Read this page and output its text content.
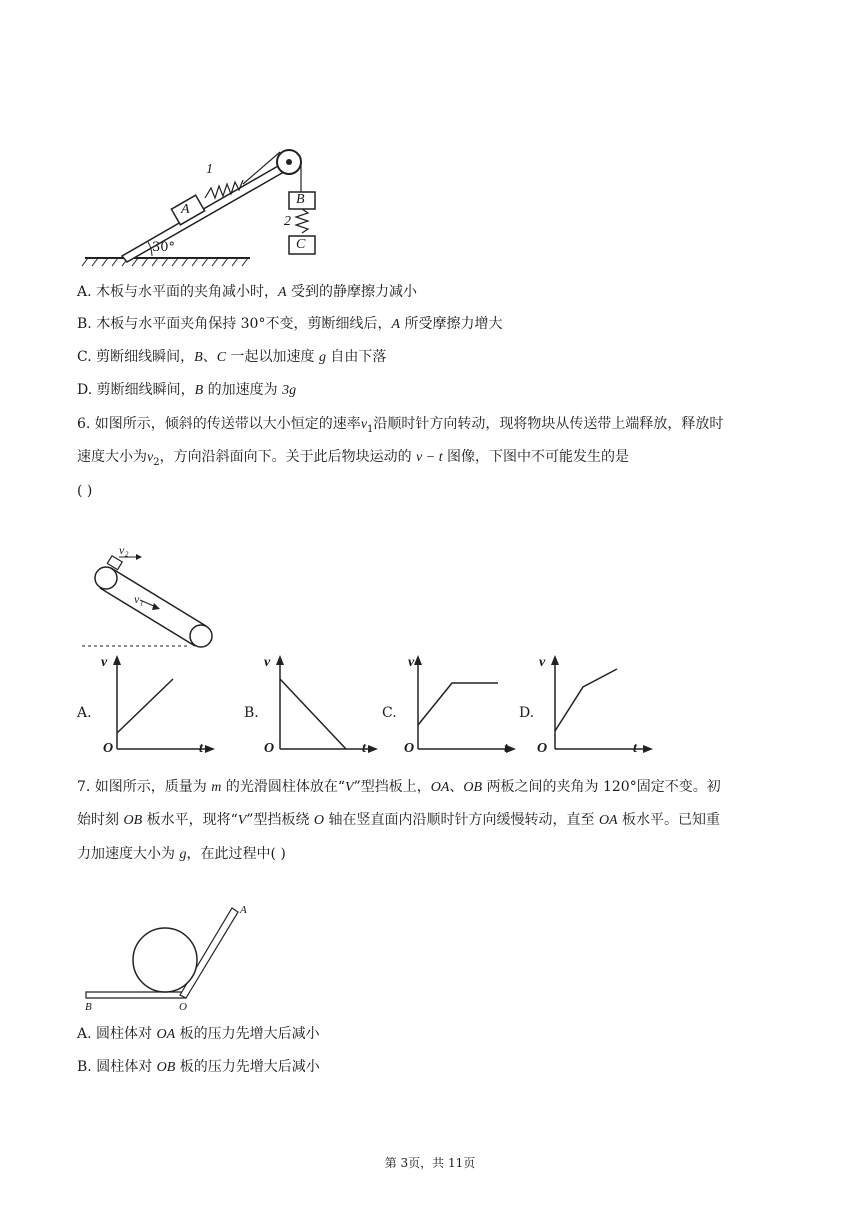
30°
1
2
A
B
C
A. 木板与水平面的夹角减小时，A 受到的静摩擦力减小
B. 木板与水平面夹角保持 30°不变，剪断细线后，A 所受摩擦力增大
C. 剪断细线瞬间，B、C 一起以加速度 g 自由下落
D. 剪断细线瞬间，B 的加速度为 3g
6. 如图所示，倾斜的传送带以大小恒定的速率$v_1$沿顺时针方向转动，现将物块从传送带上端释放，释放时
速度大小为$v_2$，方向沿斜面向下。关于此后物块运动的 v − t 图像，下图中不可能发生的是
( )
v₂
v₁
A.
v
t
O
B.
v
t
O
C.
v
t
O
D.
v
t
O
7. 如图所示，质量为 m 的光滑圆柱体放在“V”型挡板上，OA、OB 两板之间的夹角为 120°固定不变。初
始时刻 OB 板水平，现将“V”型挡板绕 O 轴在竖直面内沿顺时针方向缓慢转动，直至 OA 板水平。已知重
力加速度大小为 g，在此过程中( )
A
B	O
A. 圆柱体对 OA 板的压力先增大后减小
B. 圆柱体对 OB 板的压力先增大后减小
第 3页，共 11页
